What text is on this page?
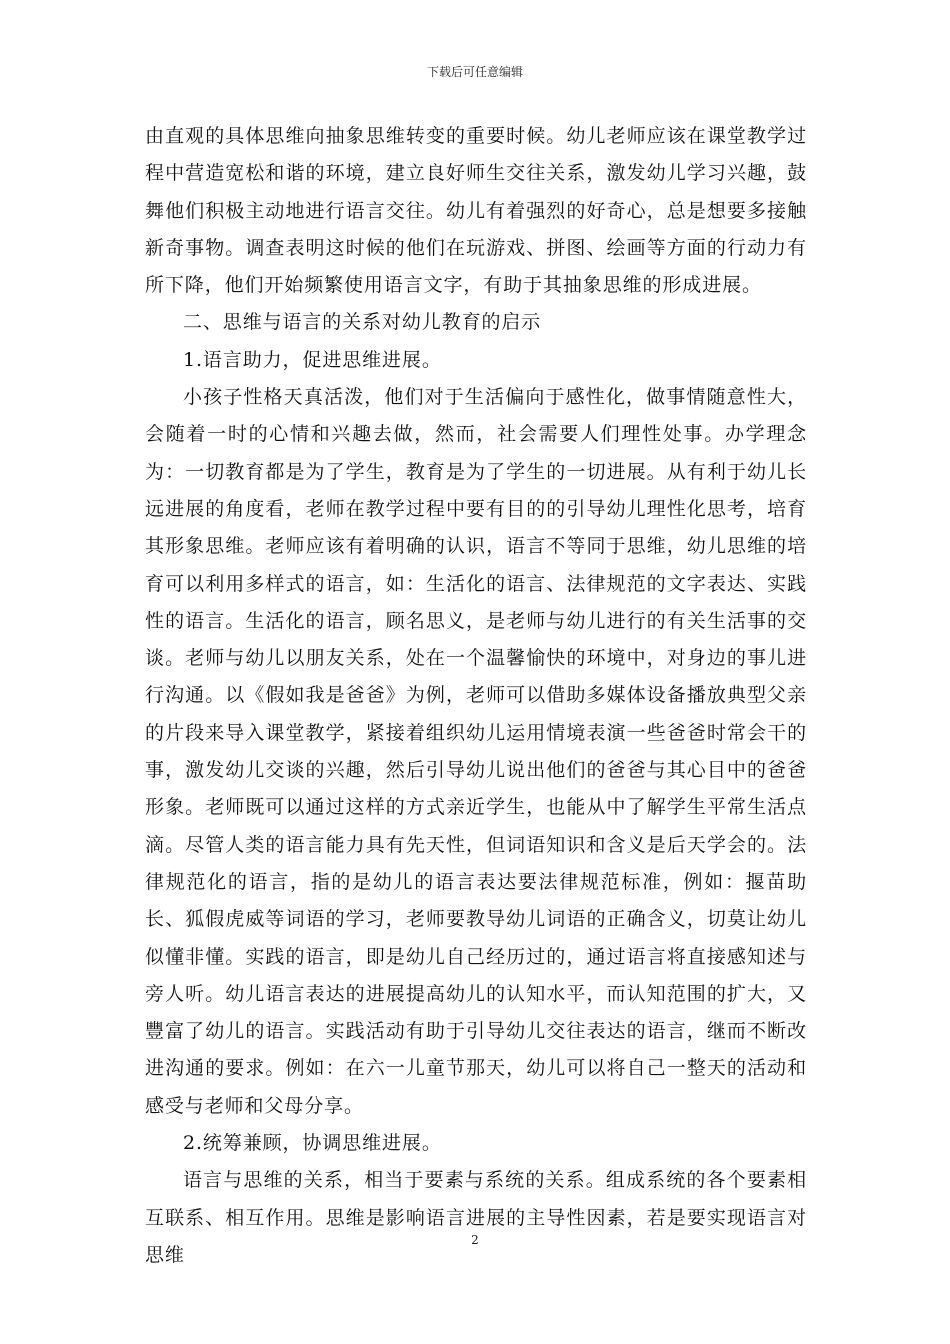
下载后可任意编辑

由直观的具体思维向抽象思维转变的重要时候。幼儿老师应该在课堂教学过程中营造宽松和谐的环境，建立良好师生交往关系，激发幼儿学习兴趣，鼓舞他们积极主动地进行语言交往。幼儿有着强烈的好奇心，总是想要多接触新奇事物。调查表明这时候的他们在玩游戏、拼图、绘画等方面的行动力有所下降，他们开始频繁使用语言文字，有助于其抽象思维的形成进展。

二、思维与语言的关系对幼儿教育的启示

1.语言助力，促进思维进展。

小孩子性格天真活泼，他们对于生活偏向于感性化，做事情随意性大，会随着一时的心情和兴趣去做，然而，社会需要人们理性处事。办学理念为：一切教育都是为了学生，教育是为了学生的一切进展。从有利于幼儿长远进展的角度看，老师在教学过程中要有目的的引导幼儿理性化思考，培育其形象思维。老师应该有着明确的认识，语言不等同于思维，幼儿思维的培育可以利用多样式的语言，如：生活化的语言、法律规范的文字表达、实践性的语言。生活化的语言，顾名思义，是老师与幼儿进行的有关生活事的交谈。老师与幼儿以朋友关系，处在一个温馨愉快的环境中，对身边的事儿进行沟通。以《假如我是爸爸》为例，老师可以借助多媒体设备播放典型父亲的片段来导入课堂教学，紧接着组织幼儿运用情境表演一些爸爸时常会干的事，激发幼儿交谈的兴趣，然后引导幼儿说出他们的爸爸与其心目中的爸爸形象。老师既可以通过这样的方式亲近学生，也能从中了解学生平常生活点滴。尽管人类的语言能力具有先天性，但词语知识和含义是后天学会的。法律规范化的语言，指的是幼儿的语言表达要法律规范标准，例如：揠苗助长、狐假虎威等词语的学习，老师要教导幼儿词语的正确含义，切莫让幼儿似懂非懂。实践的语言，即是幼儿自己经历过的，通过语言将直接感知述与旁人听。幼儿语言表达的进展提高幼儿的认知水平，而认知范围的扩大，又豐富了幼儿的语言。实践活动有助于引导幼儿交往表达的语言，继而不断改进沟通的要求。例如：在六一儿童节那天，幼儿可以将自己一整天的活动和感受与老师和父母分享。

2.统筹兼顾，协调思维进展。

语言与思维的关系，相当于要素与系统的关系。组成系统的各个要素相互联系、相互作用。思维是影响语言进展的主导性因素，若是要实现语言对思维

2
